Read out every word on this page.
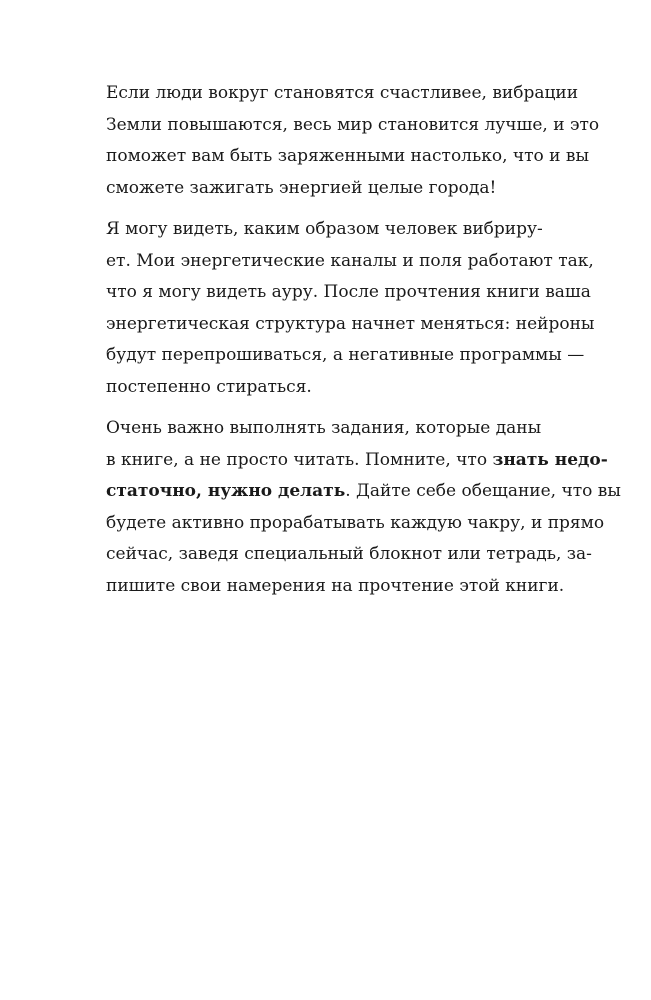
Если люди вокруг становятся счастливее, вибрации
Земли повышаются, весь мир становится лучше, и это
поможет вам быть заряженными настолько, что и вы
сможете зажигать энергией целые города!

Я могу видеть, каким образом человек вибриру-
ет. Мои энергетические каналы и поля работают так,
что я могу видеть ауру. После прочтения книги ваша
энергетическая структура начнет меняться: нейроны
будут перепрошиваться, а негативные программы —
постепенно стираться.

Очень важно выполнять задания, которые даны
в книге, а не просто читать. Помните, что знать недо-
статочно, нужно делать. Дайте себе обещание, что вы
будете активно прорабатывать каждую чакру, и прямо
сейчас, заведя специальный блокнот или тетрадь, за-
пишите свои намерения на прочтение этой книги.
